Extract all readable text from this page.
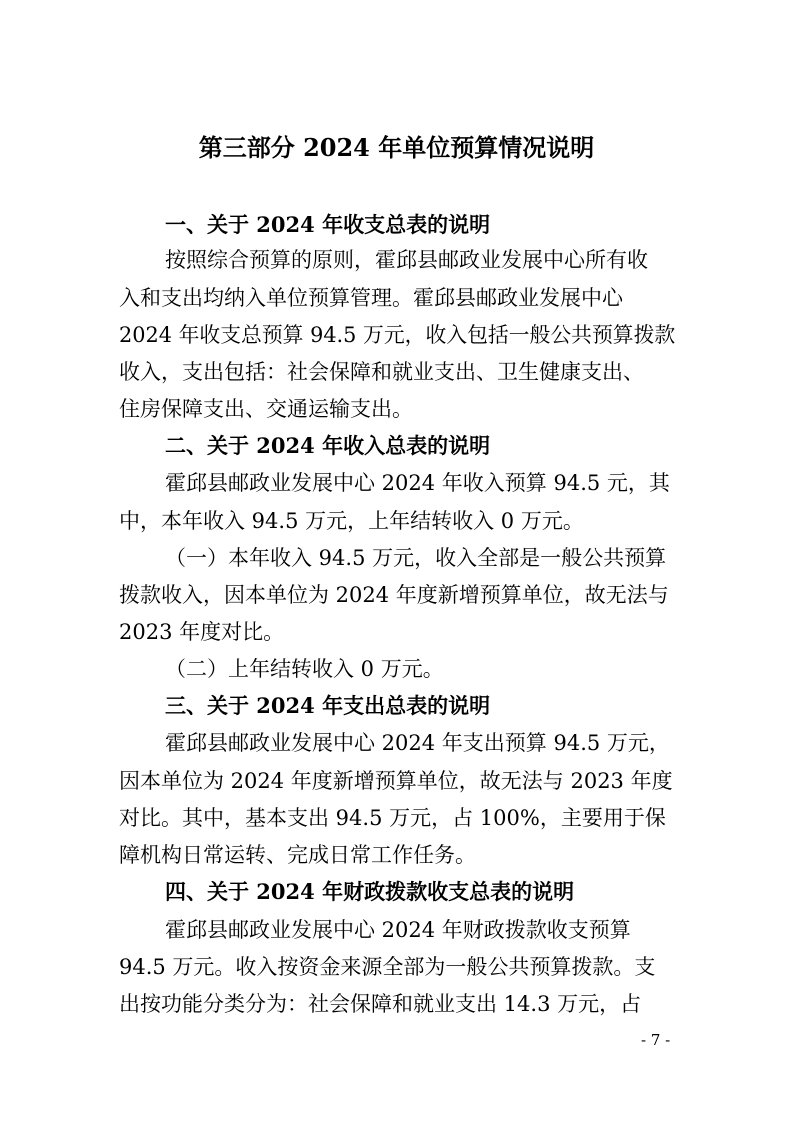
第三部分 2024 年单位预算情况说明
一、关于 2024 年收支总表的说明
按照综合预算的原则，霍邱县邮政业发展中心所有收
入和支出均纳入单位预算管理。霍邱县邮政业发展中心
2024 年收支总预算 94.5 万元，收入包括一般公共预算拨款
收入，支出包括：社会保障和就业支出、卫生健康支出、
住房保障支出、交通运输支出。
二、关于 2024 年收入总表的说明
霍邱县邮政业发展中心 2024 年收入预算 94.5 元，其
中，本年收入 94.5 万元，上年结转收入 0 万元。
（一）本年收入 94.5 万元，收入全部是一般公共预算
拨款收入，因本单位为 2024 年度新增预算单位，故无法与
2023 年度对比。
（二）上年结转收入 0 万元。
三、关于 2024 年支出总表的说明
霍邱县邮政业发展中心 2024 年支出预算 94.5 万元，
因本单位为 2024 年度新增预算单位，故无法与 2023 年度
对比。其中，基本支出 94.5 万元，占 100%，主要用于保
障机构日常运转、完成日常工作任务。
四、关于 2024 年财政拨款收支总表的说明
霍邱县邮政业发展中心 2024 年财政拨款收支预算
94.5 万元。收入按资金来源全部为一般公共预算拨款。支
出按功能分类分为：社会保障和就业支出 14.3 万元，占
- 7 -
